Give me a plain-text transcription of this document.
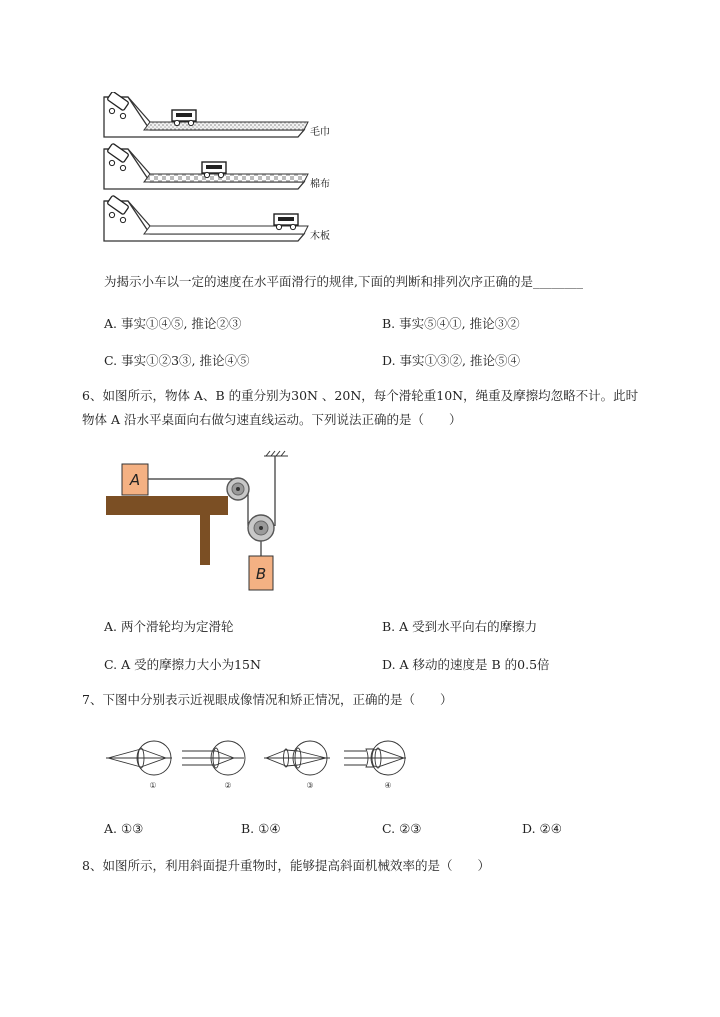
毛巾
棉布
木板
为揭示小车以一定的速度在水平面滑行的规律,下面的判断和排列次序正确的是________
A. 事实①④⑤, 推论②③	B. 事实⑤④①, 推论③②
C. 事实①②3③, 推论④⑤	D. 事实①③②, 推论⑤④
6、如图所示，物体 A、B 的重分别为30N 、20N，每个滑轮重10N，绳重及摩擦均忽略不计。此时
物体 A 沿水平桌面向右做匀速直线运动。下列说法正确的是（　　）
A
B
A. 两个滑轮均为定滑轮	B. A 受到水平向右的摩擦力
C. A 受的摩擦力大小为15N	D. A 移动的速度是 B 的0.5倍
7、下图中分别表示近视眼成像情况和矫正情况，正确的是（　　）
①	②	③	④
A. ①③	B. ①④	C. ②③	D. ②④
8、如图所示，利用斜面提升重物时，能够提高斜面机械效率的是（　　）
